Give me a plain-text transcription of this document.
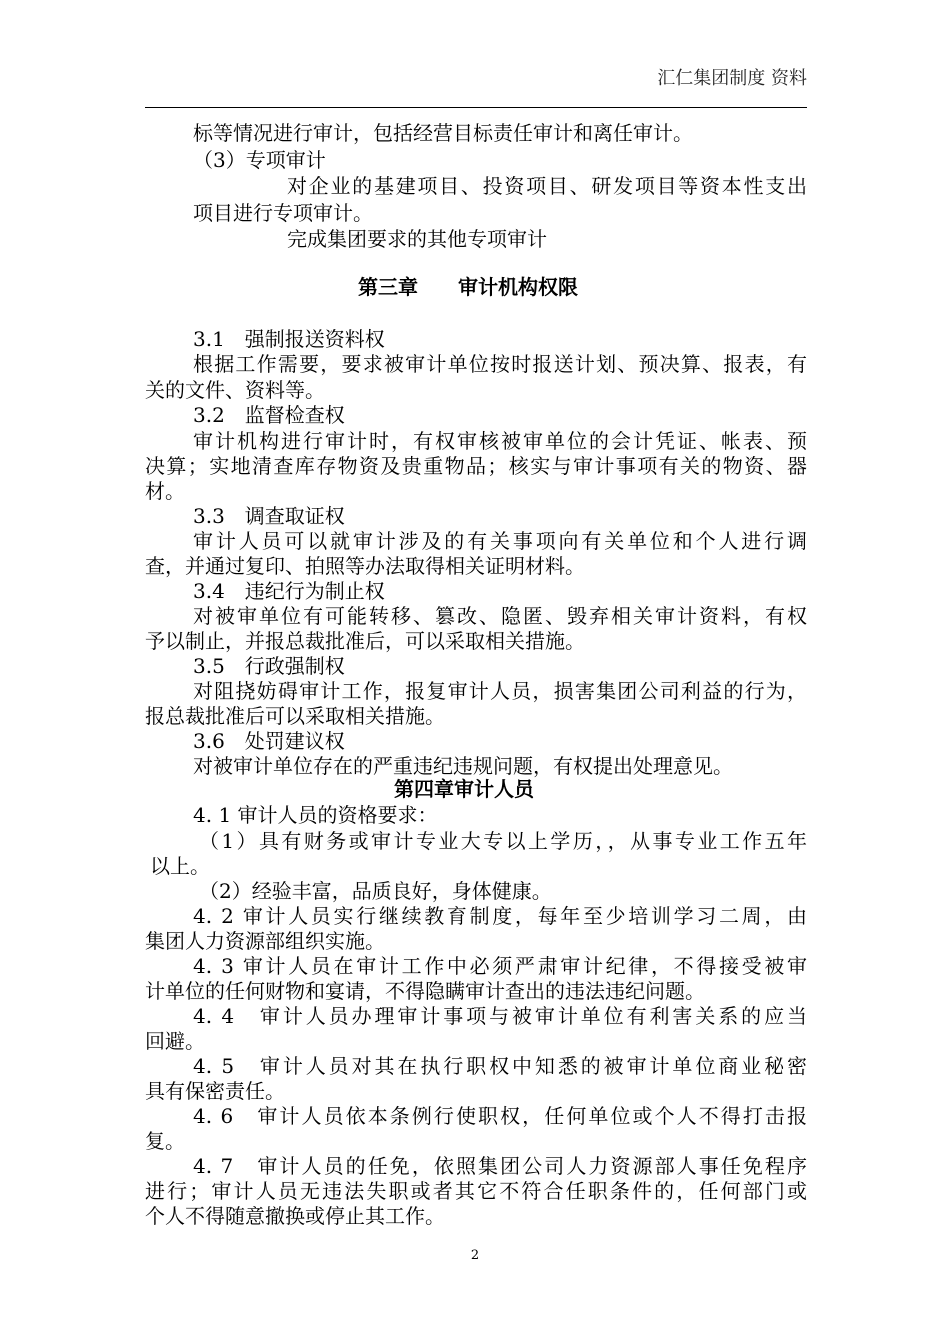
汇仁集团制度 资料
标等情况进行审计，包括经营目标责任审计和离任审计。
（3）专项审计
对企业的基建项目、投资项目、研发项目等资本性支出
项目进行专项审计。
完成集团要求的其他专项审计
第三章　　审计机构权限
3.1　强制报送资料权
根据工作需要，要求被审计单位按时报送计划、预决算、报表，有
关的文件、资料等。
3.2　监督检查权
审计机构进行审计时，有权审核被审单位的会计凭证、帐表、预
决算；实地清查库存物资及贵重物品；核实与审计事项有关的物资、器
材。
3.3　调查取证权
审计人员可以就审计涉及的有关事项向有关单位和个人进行调
查，并通过复印、拍照等办法取得相关证明材料。
3.4　违纪行为制止权
对被审单位有可能转移、篡改、隐匿、毁弃相关审计资料，有权
予以制止，并报总裁批准后，可以采取相关措施。
3.5　行政强制权
对阻挠妨碍审计工作，报复审计人员，损害集团公司利益的行为，
报总裁批准后可以采取相关措施。
3.6　处罚建议权
对被审计单位存在的严重违纪违规问题，有权提出处理意见。
第四章审计人员
4. 1 审计人员的资格要求：
（1）具有财务或审计专业大专以上学历，，从事专业工作五年
以上。
（2）经验丰富，品质良好，身体健康。
4. 2 审计人员实行继续教育制度，每年至少培训学习二周，由
集团人力资源部组织实施。
4. 3 审计人员在审计工作中必须严肃审计纪律，不得接受被审
计单位的任何财物和宴请，不得隐瞒审计查出的违法违纪问题。
4. 4　审计人员办理审计事项与被审计单位有利害关系的应当
回避。
4. 5　审计人员对其在执行职权中知悉的被审计单位商业秘密
具有保密责任。
4. 6　审计人员依本条例行使职权，任何单位或个人不得打击报
复。
4. 7　审计人员的任免，依照集团公司人力资源部人事任免程序
进行；审计人员无违法失职或者其它不符合任职条件的，任何部门或
个人不得随意撤换或停止其工作。
2
